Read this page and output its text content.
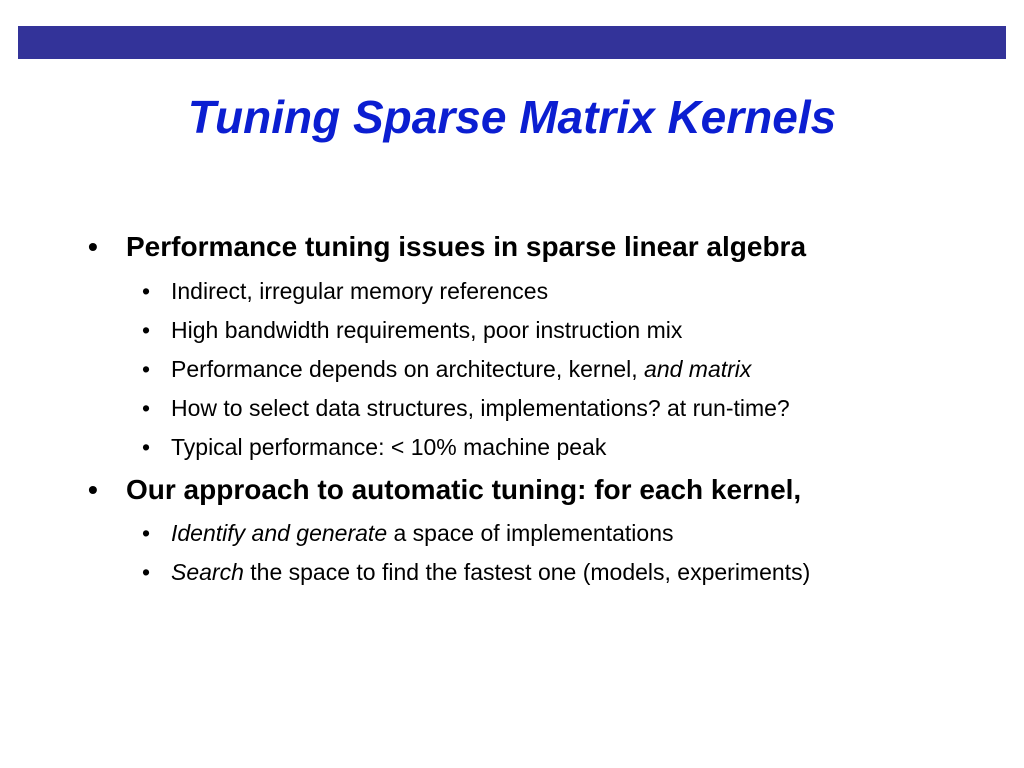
Tuning Sparse Matrix Kernels
• Performance tuning issues in sparse linear algebra
• Indirect, irregular memory references
• High bandwidth requirements, poor instruction mix
• Performance depends on architecture, kernel, and matrix
• How to select data structures, implementations? at run-time?
• Typical performance: < 10% machine peak
• Our approach to automatic tuning: for each kernel,
• Identify and generate a space of implementations
• Search the space to find the fastest one (models, experiments)
